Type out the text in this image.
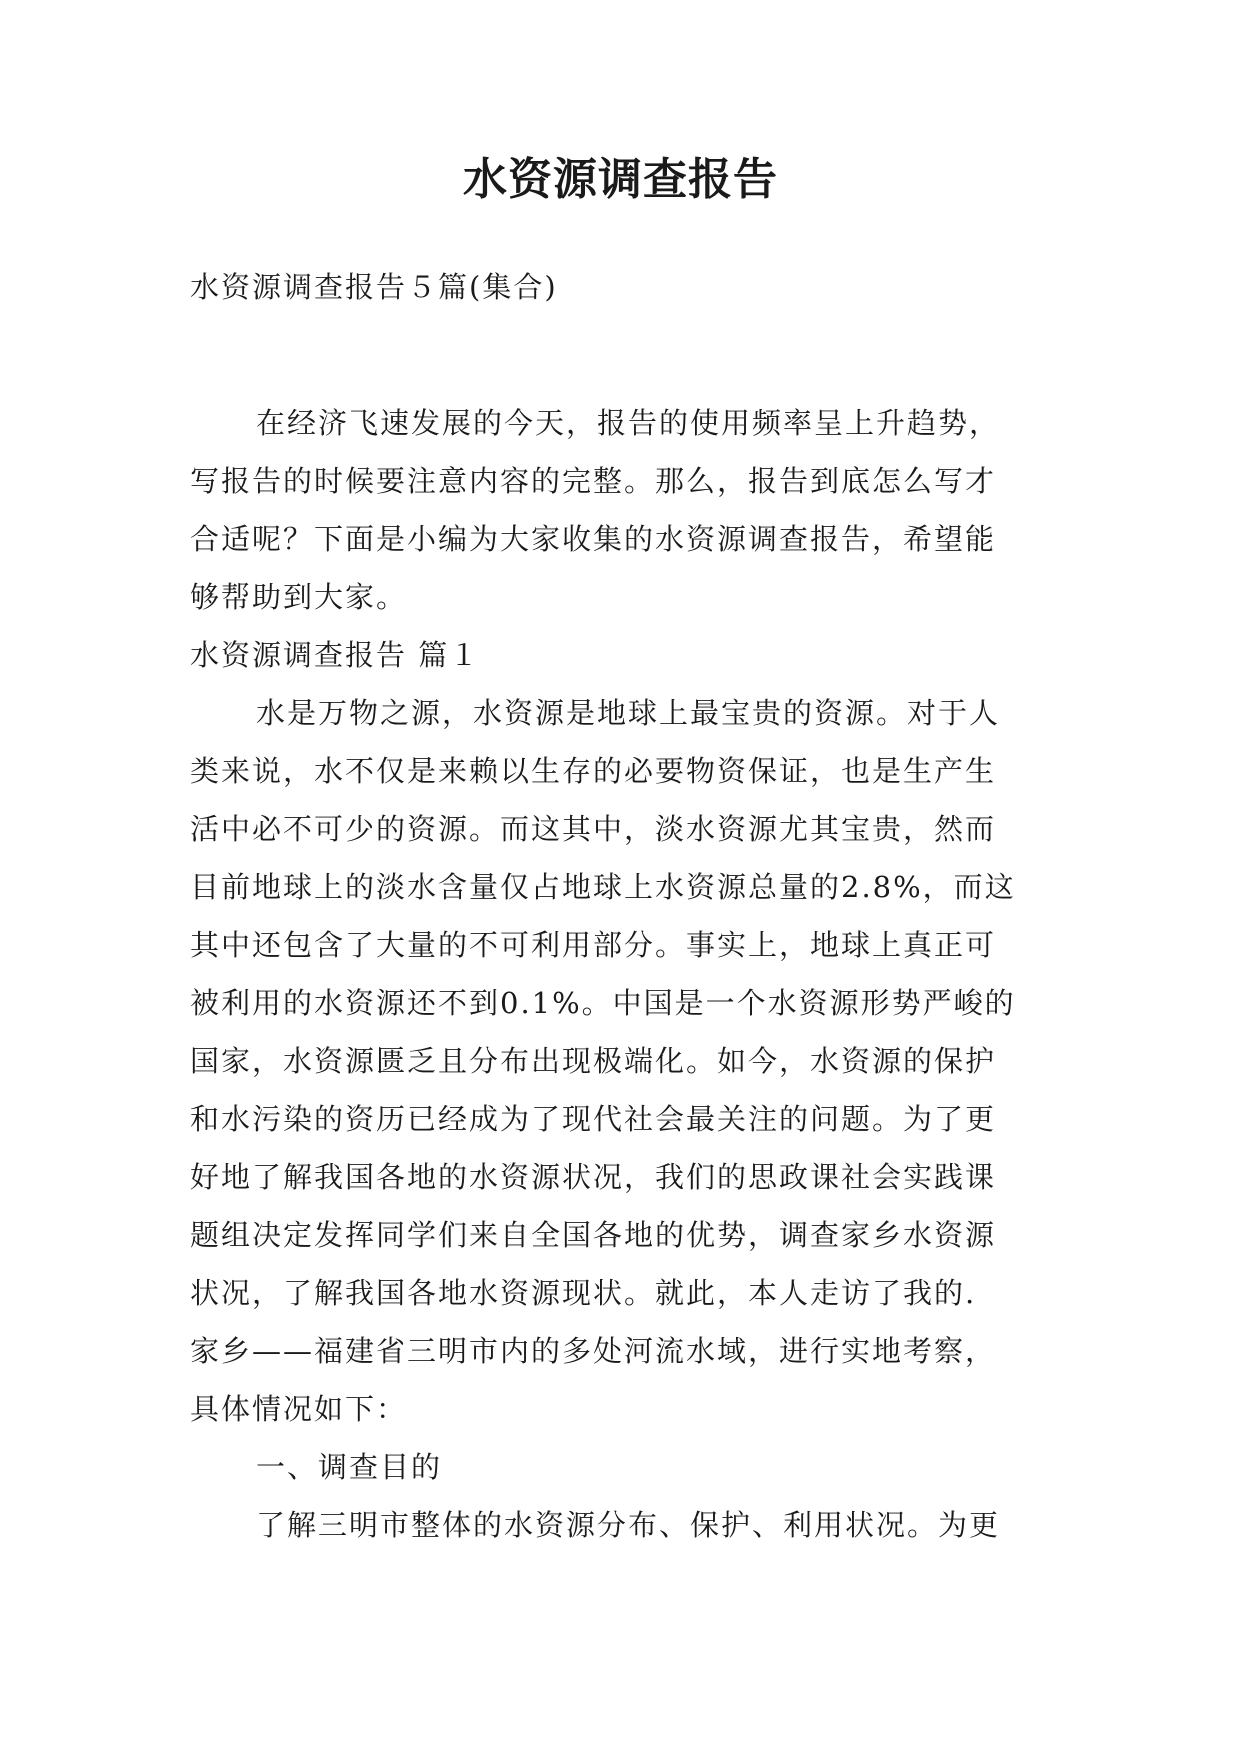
水资源调查报告
水资源调查报告５篇(集合)
在经济飞速发展的今天，报告的使用频率呈上升趋势，
写报告的时候要注意内容的完整。那么，报告到底怎么写才
合适呢？下面是小编为大家收集的水资源调查报告，希望能
够帮助到大家。
水资源调查报告 篇１
水是万物之源，水资源是地球上最宝贵的资源。对于人
类来说，水不仅是来赖以生存的必要物资保证，也是生产生
活中必不可少的资源。而这其中，淡水资源尤其宝贵，然而
目前地球上的淡水含量仅占地球上水资源总量的2.8%，而这
其中还包含了大量的不可利用部分。事实上，地球上真正可
被利用的水资源还不到0.1%。中国是一个水资源形势严峻的
国家，水资源匮乏且分布出现极端化。如今，水资源的保护
和水污染的资历已经成为了现代社会最关注的问题。为了更
好地了解我国各地的水资源状况，我们的思政课社会实践课
题组决定发挥同学们来自全国各地的优势，调查家乡水资源
状况，了解我国各地水资源现状。就此，本人走访了我的.
家乡——福建省三明市内的多处河流水域，进行实地考察，
具体情况如下：
一、调查目的
了解三明市整体的水资源分布、保护、利用状况。为更
